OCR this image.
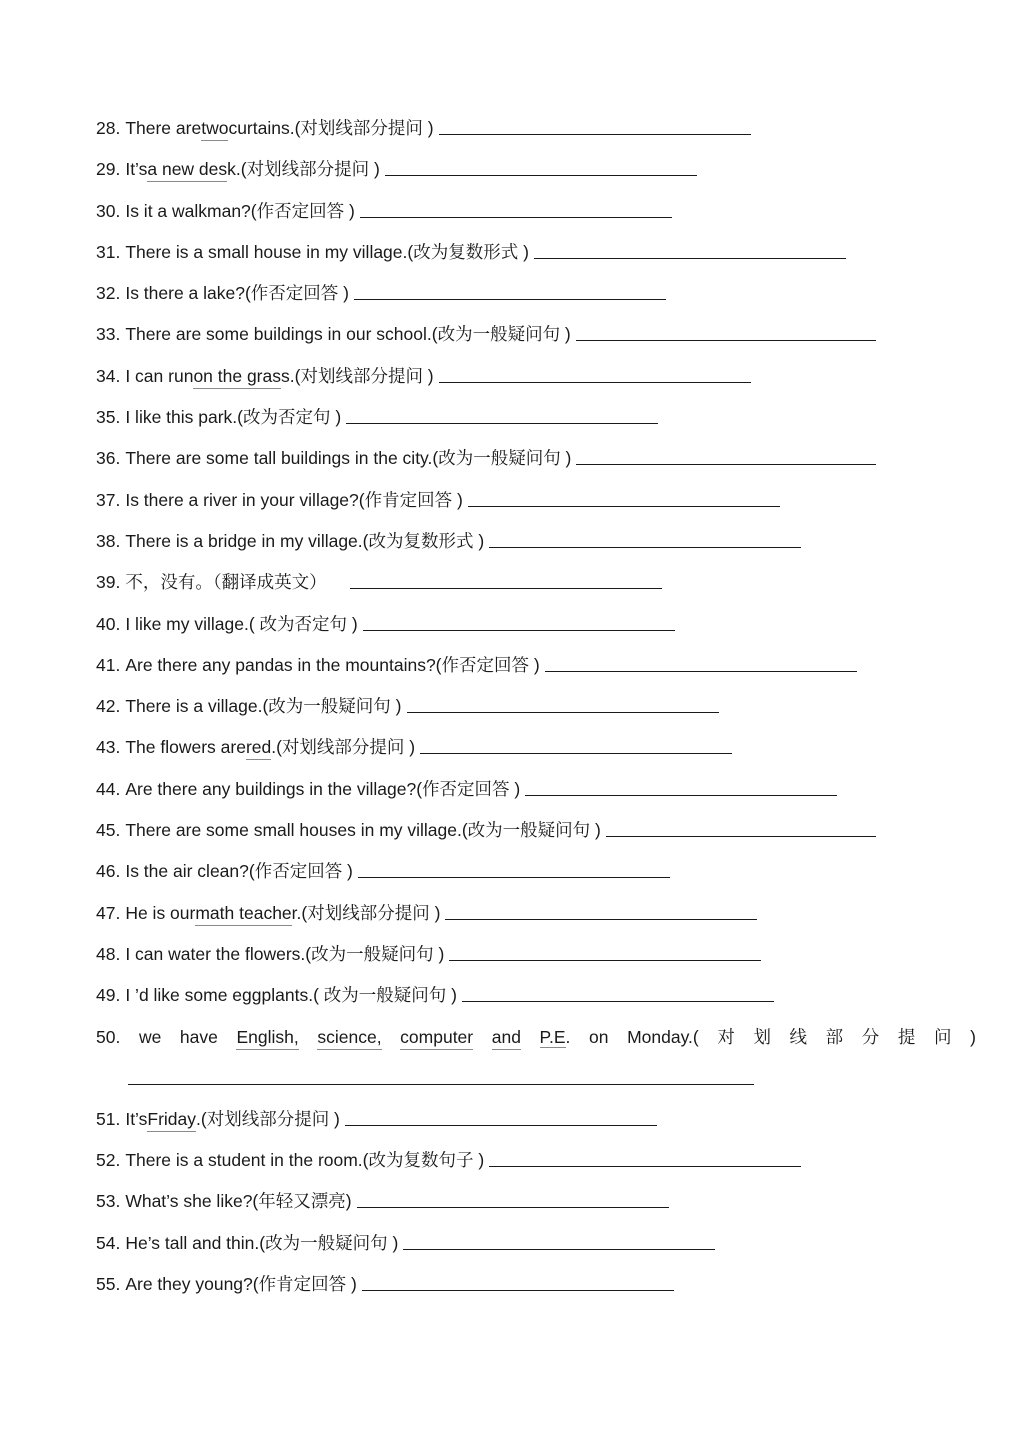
28. There are two curtains.(对划线部分提问 )
29. It’s a new des k.(对划线部分提问 )
30. Is it a walkman?(作否定回答 )
31. There is a small house in my village.(改为复数形式 )
32. Is there a lake?(作否定回答 )
33. There are some buildings in our school.(改为一般疑问句 )
34. I can run on the gras s.(对划线部分提问 )
35. I like this park.(改为否定句 )
36. There are some tall buildings in the city.(改为一般疑问句 )
37. Is there a river in your village?(作肯定回答 )
38. There is a bridge in my village.(改为复数形式 )
39. 不，没有。（翻译成英文）
40. I like my village.( 改为否定句 )
41. Are there any pandas in the mountains?(作否定回答 )
42. There is a village.(改为一般疑问句 )
43. The flowers are red .(对划线部分提问 )
44. Are there any buildings in the village?(作否定回答 )
45. There are some small houses in my village.(改为一般疑问句 )
46. Is the air clean?(作否定回答 )
47. He is our math teache r.(对划线部分提问 )
48. I can water the flowers.(改为一般疑问句 )
49. I ’d like some eggplants.( 改为一般疑问句 )
50. we have English, science, computer and P.E. on Monday.( 对 划 线 部 分 提 问 )
51. It’s Friday .(对划线部分提问 )
52. There is a student in the room.(改为复数句子 )
53. What’s she like?(年轻又漂亮)
54. He’s tall and thin.(改为一般疑问句 )
55. Are they young?(作肯定回答 )
